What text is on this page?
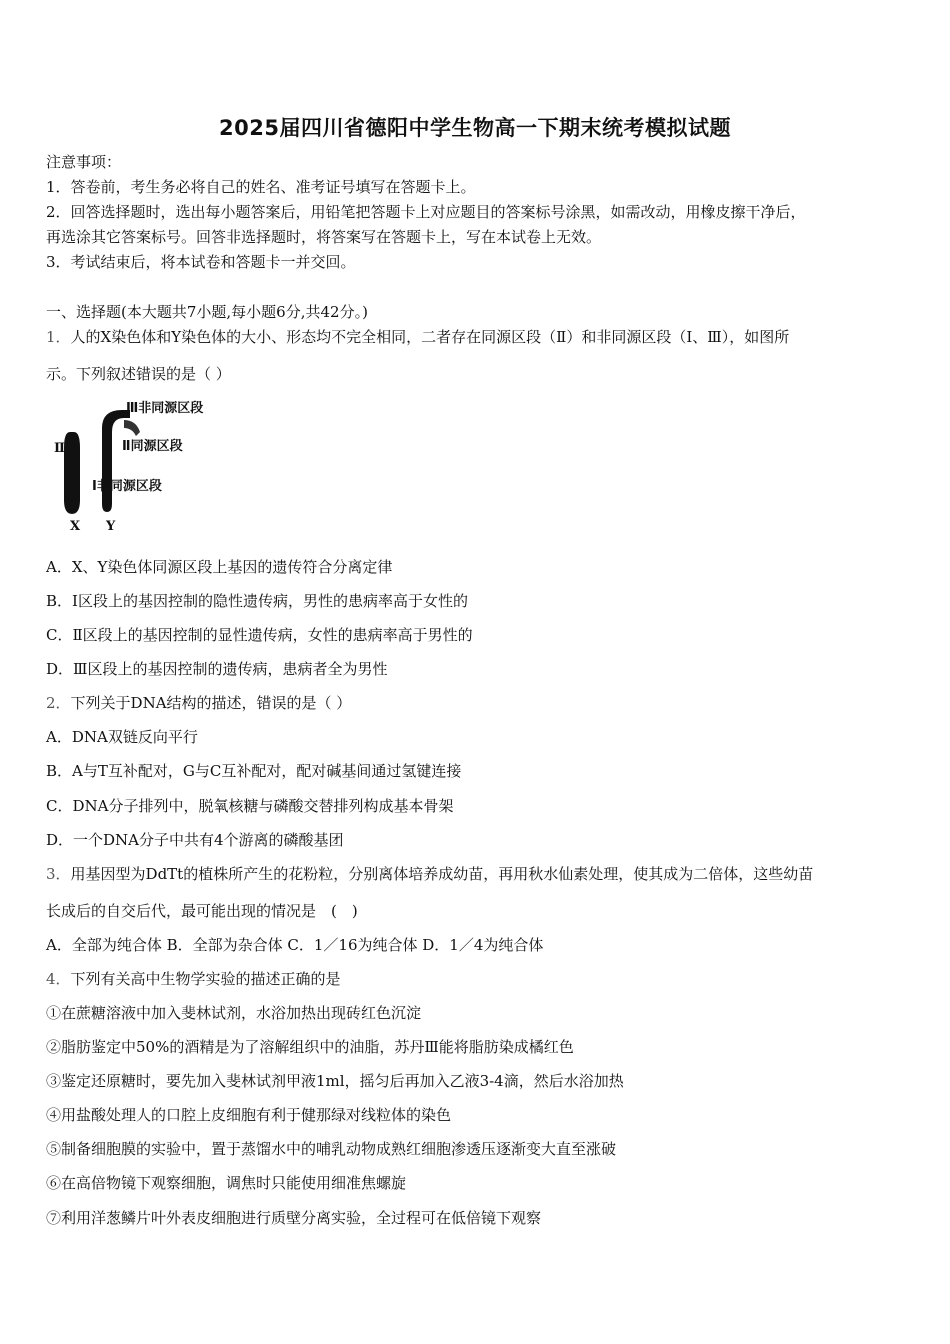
2025届四川省德阳中学生物高一下期末统考模拟试题
注意事项：
1．答卷前，考生务必将自己的姓名、准考证号填写在答题卡上。
2．回答选择题时，选出每小题答案后，用铅笔把答题卡上对应题目的答案标号涂黑，如需改动，用橡皮擦干净后，
再选涂其它答案标号。回答非选择题时，将答案写在答题卡上，写在本试卷上无效。
3．考试结束后，将本试卷和答题卡一并交回。
一、选择题(本大题共7小题,每小题6分,共42分。)
1．人的X染色体和Y染色体的大小、形态均不完全相同，二者存在同源区段（Ⅱ）和非同源区段（Ⅰ、Ⅲ），如图所
示。下列叙述错误的是（ ）
Ⅱ
Ⅲ非同源区段
Ⅱ同源区段
Ⅰ非同源区段
X Y
A．X、Y染色体同源区段上基因的遗传符合分离定律
B．Ⅰ区段上的基因控制的隐性遗传病，男性的患病率高于女性的
C．Ⅱ区段上的基因控制的显性遗传病，女性的患病率高于男性的
D．Ⅲ区段上的基因控制的遗传病，患病者全为男性
2．下列关于DNA结构的描述，错误的是（ ）
A．DNA双链反向平行
B．A与T互补配对，G与C互补配对，配对碱基间通过氢键连接
C．DNA分子排列中，脱氧核糖与磷酸交替排列构成基本骨架
D．一个DNA分子中共有4个游离的磷酸基团
3．用基因型为DdTt的植株所产生的花粉粒，分别离体培养成幼苗，再用秋水仙素处理，使其成为二倍体，这些幼苗
长成后的自交后代，最可能出现的情况是　(　)
A．全部为纯合体 B．全部为杂合体 C．1／16为纯合体 D．1／4为纯合体
4．下列有关高中生物学实验的描述正确的是
①在蔗糖溶液中加入斐林试剂，水浴加热出现砖红色沉淀
②脂肪鉴定中50%的酒精是为了溶解组织中的油脂，苏丹Ⅲ能将脂肪染成橘红色
③鉴定还原糖时，要先加入斐林试剂甲液1ml，摇匀后再加入乙液3-4滴，然后水浴加热
④用盐酸处理人的口腔上皮细胞有利于健那绿对线粒体的染色
⑤制备细胞膜的实验中，置于蒸馏水中的哺乳动物成熟红细胞渗透压逐渐变大直至涨破
⑥在高倍物镜下观察细胞，调焦时只能使用细准焦螺旋
⑦利用洋葱鳞片叶外表皮细胞进行质壁分离实验，全过程可在低倍镜下观察
